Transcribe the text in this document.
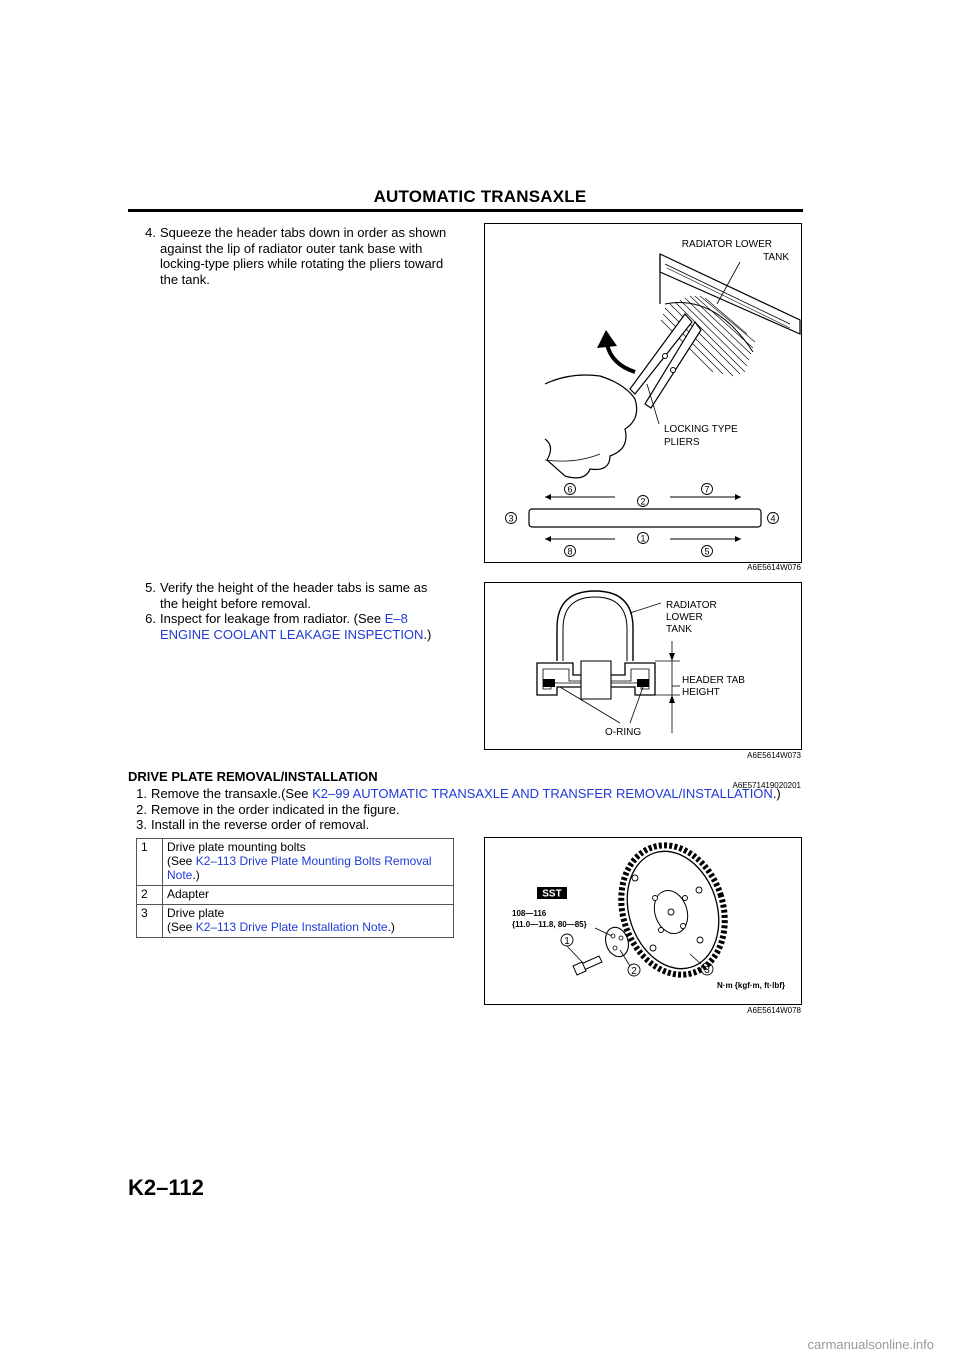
AUTOMATIC TRANSAXLE
4. Squeeze the header tabs down in order as shown
against the lip of radiator outer tank base with
locking-type pliers while rotating the pliers toward
the tank.
RADIATOR LOWER
TANK
LOCKING TYPE
PLIERS
6
2
7
3	4
8
1
5
A6E5614W076
5. Verify the height of the header tabs is same as
the height before removal.
6. Inspect for leakage from radiator. (See E–8
ENGINE COOLANT LEAKAGE INSPECTION.)
RADIATOR
LOWER
TANK
HEADER TAB
HEIGHT
O-RING
A6E5614W073
DRIVE PLATE REMOVAL/INSTALLATION
A6E571419020201
1. Remove the transaxle.(See K2–99 AUTOMATIC TRANSAXLE AND TRANSFER REMOVAL/INSTALLATION.)
2. Remove in the order indicated in the figure.
3. Install in the reverse order of removal.
1	Drive plate mounting bolts
(See K2–113 Drive Plate Mounting Bolts Removal Note.)
2	Adapter
3	Drive plate
(See K2–113 Drive Plate Installation Note.)
SST
108—116
{11.0—11.8, 80—85}
1
2	3
N·m {kgf·m, ft·lbf}
A6E5614W078
K2–112
carmanualsonline.info
